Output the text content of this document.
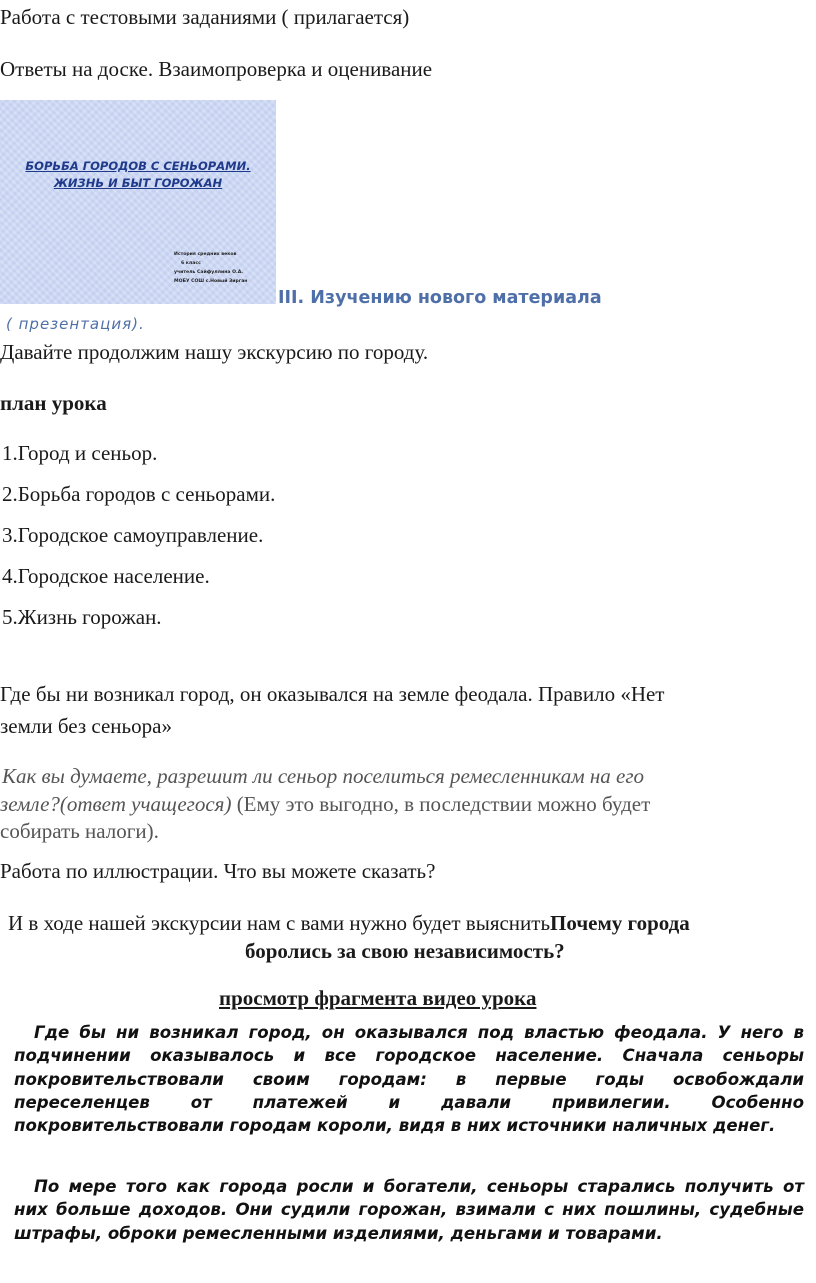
Работа с тестовыми заданиями ( прилагается)
Ответы на доске. Взаимопроверка и оценивание
БОРЬБА ГОРОДОВ С СЕНЬОРАМИ.
ЖИЗНЬ И БЫТ ГОРОЖАН
История средних веков
6 класс
учитель Сайфуллина О.А.
МОБУ СОШ с.Новый Зирган
III. Изучению нового материала
( презентация).
Давайте продолжим нашу экскурсию по городу.
план урока
1.Город и сеньор.
2.Борьба городов с сеньорами.
3.Городское самоуправление.
4.Городское население.
5.Жизнь горожан.
Где бы ни возникал город, он оказывался на земле феодала. Правило «Нет
земли без сеньора»
Как вы думаете, разрешит ли сеньор поселиться ремесленникам на его
земле?(ответ учащегося) (Ему это выгодно, в последствии можно будет
собирать налоги).
Работа по иллюстрации. Что вы можете сказать?
И в ходе нашей экскурсии нам с вами нужно будет выяснитьПочему города
боролись за свою независимость?
просмотр фрагмента видео урока
Где бы ни возникал город, он оказывался под властью феодала. У него в подчинении оказывалось и все городское население. Сначала сеньоры покровительствовали своим городам: в первые годы освобождали переселенцев от платежей и давали привилегии. Особенно покровительствовали городам короли, видя в них источники наличных денег.
По мере того как города росли и богатели, сеньоры старались получить от них больше доходов. Они судили горожан, взимали с них пошлины, судебные штрафы, оброки ремесленными изделиями, деньгами и товарами.
